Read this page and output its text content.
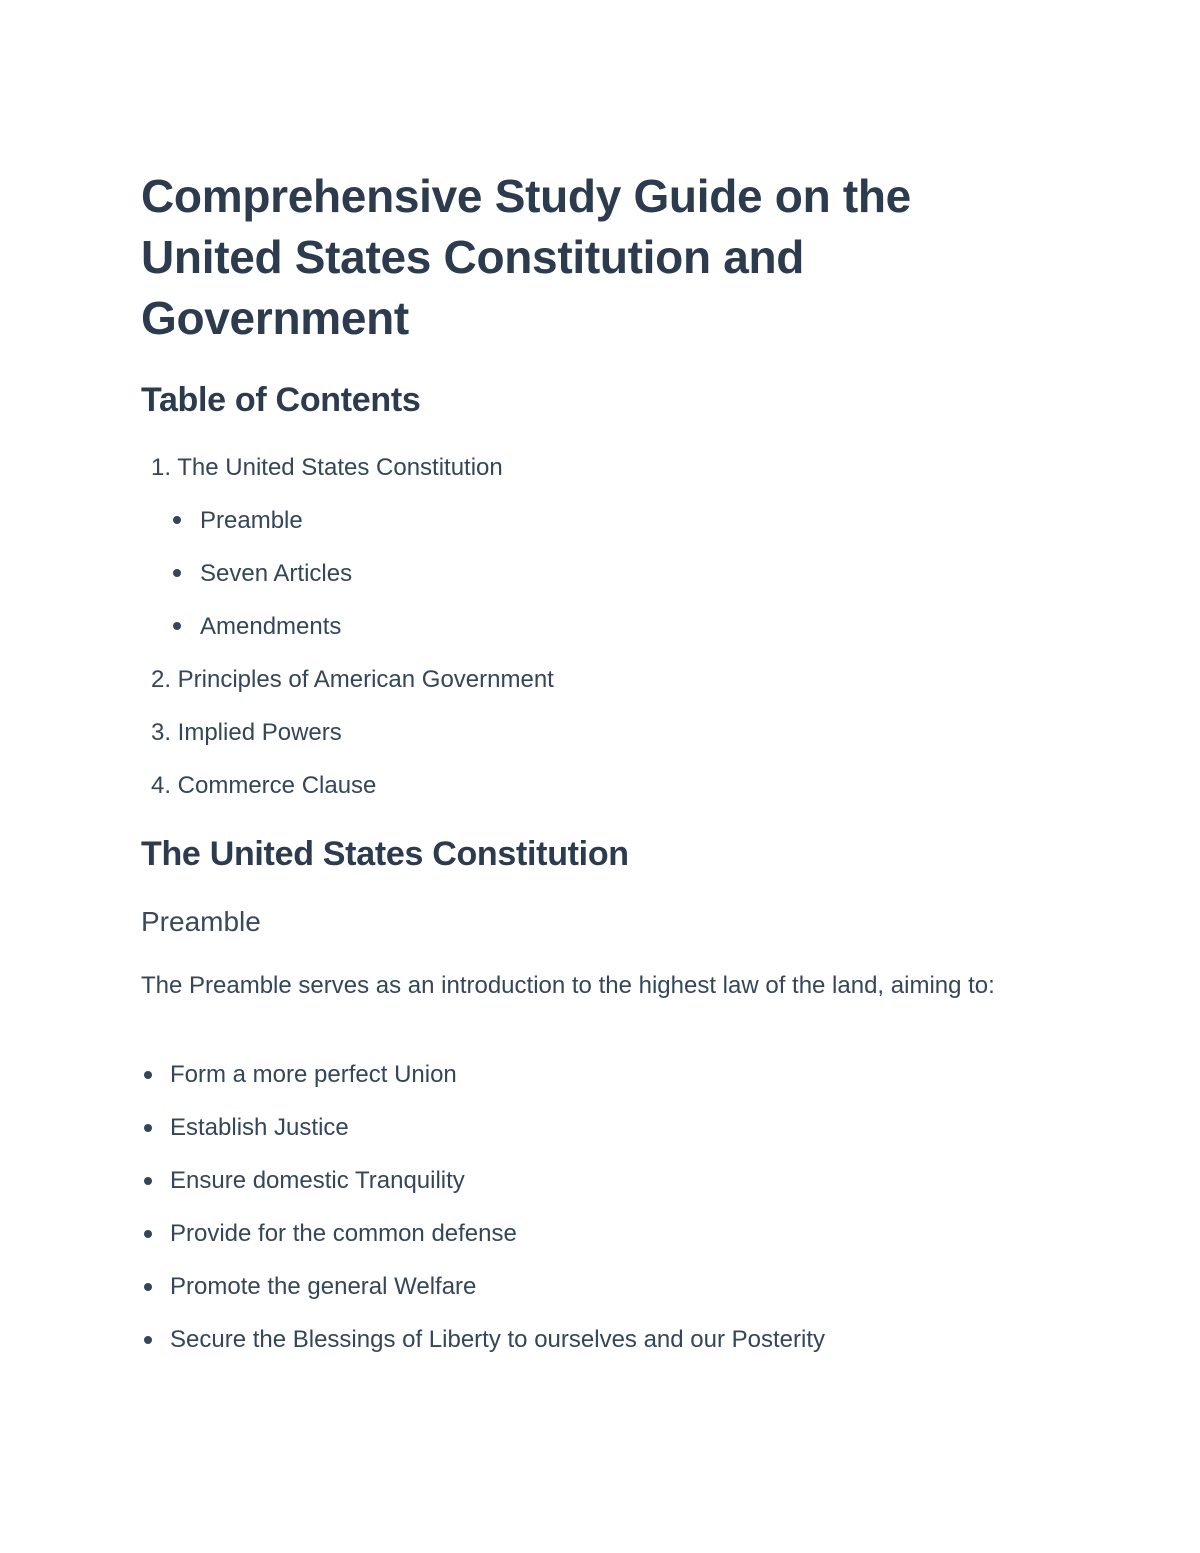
Comprehensive Study Guide on the United States Constitution and Government
Table of Contents
1. The United States Constitution
Preamble
Seven Articles
Amendments
2. Principles of American Government
3. Implied Powers
4. Commerce Clause
The United States Constitution
Preamble

The Preamble serves as an introduction to the highest law of the land, aiming to:

Form a more perfect Union
Establish Justice
Ensure domestic Tranquility
Provide for the common defense
Promote the general Welfare
Secure the Blessings of Liberty to ourselves and our Posterity
